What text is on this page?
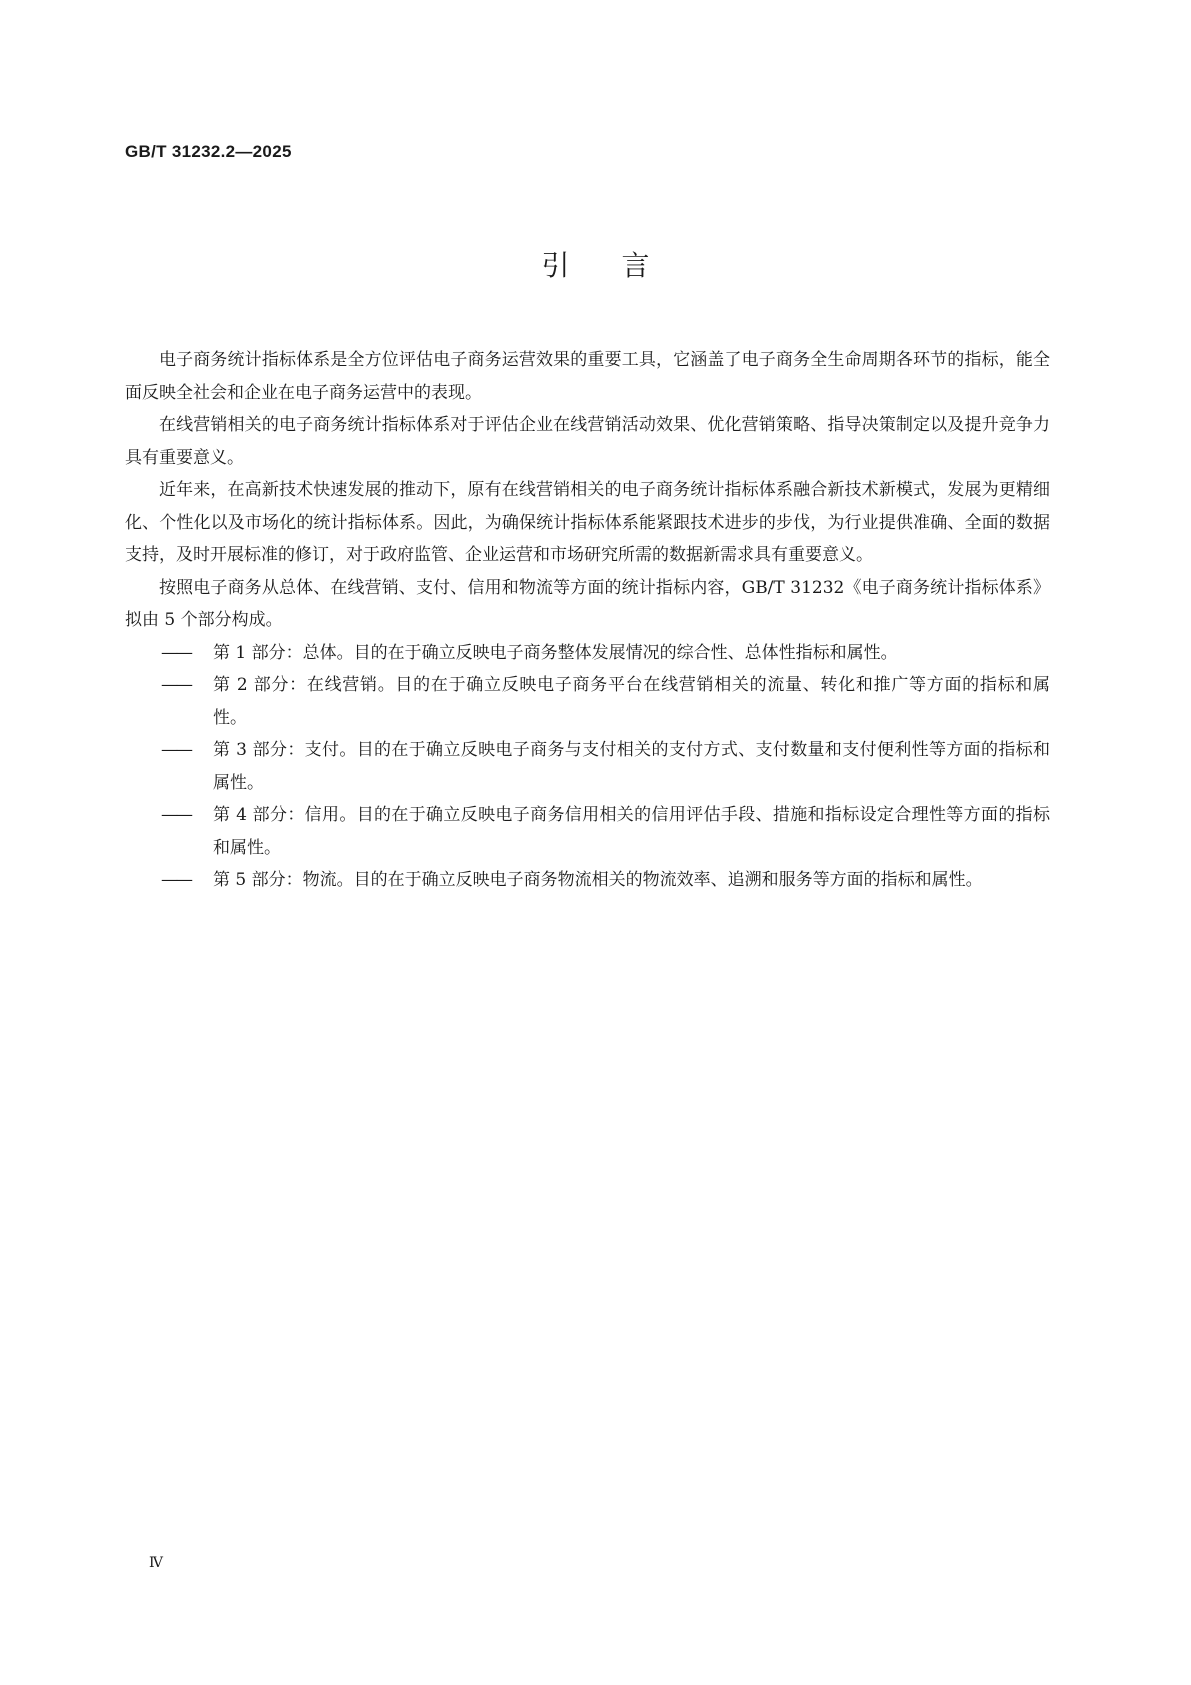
GB/T 31232.2—2025
引言

电子商务统计指标体系是全方位评估电子商务运营效果的重要工具，它涵盖了电子商务全生命周期各环节的指标，能全面反映全社会和企业在电子商务运营中的表现。

在线营销相关的电子商务统计指标体系对于评估企业在线营销活动效果、优化营销策略、指导决策制定以及提升竞争力具有重要意义。

近年来，在高新技术快速发展的推动下，原有在线营销相关的电子商务统计指标体系融合新技术新模式，发展为更精细化、个性化以及市场化的统计指标体系。因此，为确保统计指标体系能紧跟技术进步的步伐，为行业提供准确、全面的数据支持，及时开展标准的修订，对于政府监管、企业运营和市场研究所需的数据新需求具有重要意义。

按照电子商务从总体、在线营销、支付、信用和物流等方面的统计指标内容，GB/T 31232《电子商务统计指标体系》拟由 5 个部分构成。

—— 第 1 部分：总体。目的在于确立反映电子商务整体发展情况的综合性、总体性指标和属性。

—— 第 2 部分：在线营销。目的在于确立反映电子商务平台在线营销相关的流量、转化和推广等方面的指标和属性。

—— 第 3 部分：支付。目的在于确立反映电子商务与支付相关的支付方式、支付数量和支付便利性等方面的指标和属性。

—— 第 4 部分：信用。目的在于确立反映电子商务信用相关的信用评估手段、措施和指标设定合理性等方面的指标和属性。

—— 第 5 部分：物流。目的在于确立反映电子商务物流相关的物流效率、追溯和服务等方面的指标和属性。

Ⅳ
